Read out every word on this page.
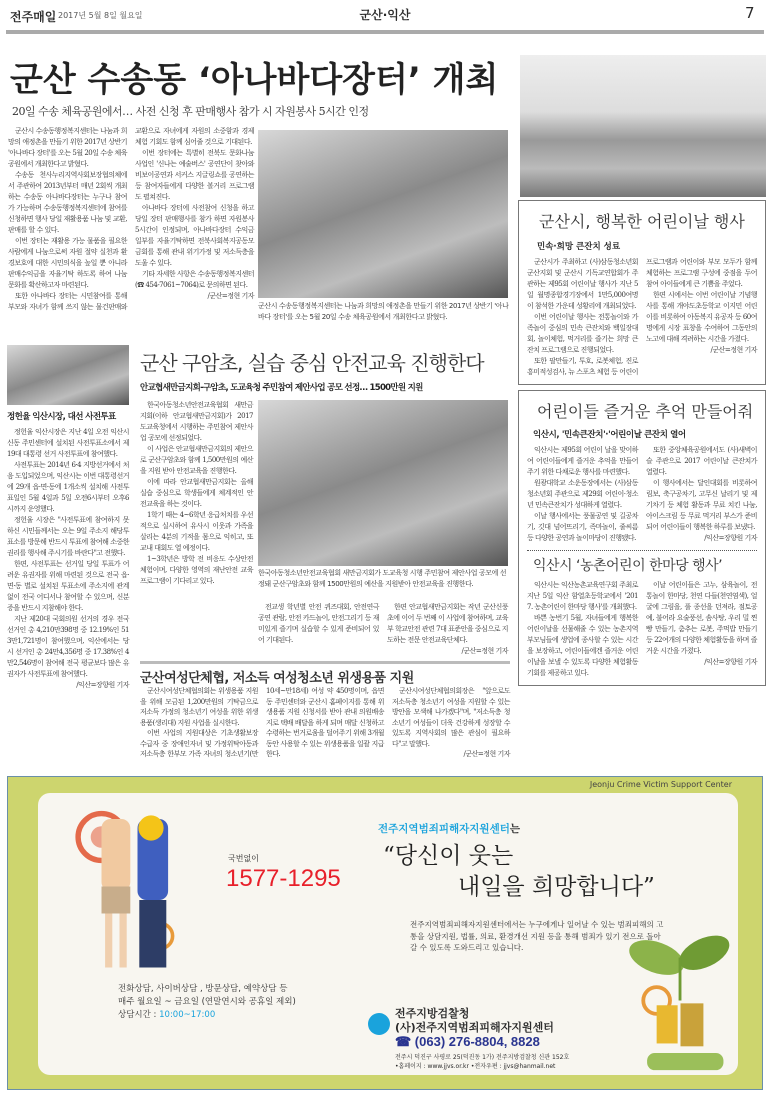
전주매일 2017년 5월 8일 월요일	군산·익산	7
군산 수송동 ‘아나바다장터’ 개최
20일 수송 체육공원에서… 사전 신청 후 판매행사 참가 시 자원봉사 5시간 인정

군산시 수송동행정복지센터는 나눔과 희망의 애정촌을 만들기 위한 2017년 상반기 '아나바다 장터'를 오는 5월 20일 수송 체육공원에서 개최한다고 밝혔다.

수송동 천사누리지역사회보장협의체에서 주관하여 2013년부터 매년 2회씩 개최하는 수송동 아나바다장터는 누구나 참여가 가능하며 수송동행정복지센터에 참여를 신청하면 행사 당일 재활용품 나눔 및 교환, 판매를 할 수 있다.

이번 장터는 재활용 가능 물품을 필요한 사람에게 나눔으로써 자원 절약 실천과 환경보호에 대한 시민의식을 높일 뿐 아니라 판매수익금을 자율기탁 하도록 하여 나눔 문화를 확산하고자 마련된다.

또한 아나바다 장터는 시민참여를 통해 부모와 자녀가 함께 쓰지 않는 물건판매와 교환으로 자녀에게 자원의 소중함과 경제체험 기회도 함께 심어줄 것으로 기대된다.

이번 장터에는 특별히 전북도 문화나눔사업인 '신나는 예술버스' 공연단이 찾아와 비보이공연과 서커스 지글링쇼를 공연하는 등 참여자들에게 다양한 볼거리 프로그램도 펼쳐진다.

아나바다 장터에 사전참여 신청을 하고 당일 장터 판매행사를 참가 하면 자원봉사 5시간이 인정되며, 아나바다장터 수익금 일부를 자율기탁하면 전북사회복지공동모금회를 통해 관내 위기가정 및 저소득층을 도울 수 있다.

기타 자세한 사항은 수송동행정복지센터(☎ 454-7061~7064)로 문의하면 된다.

/군산=정현 기자
군산시 수송동행정복지센터는 나눔과 희망의 애정촌을 만들기 위한 2017년 상반기 '아나바다 장터'를 오는 5월 20일 수송 체육공원에서 개최한다고 밝혔다.
군산시, 행복한 어린이날 행사
민속·희망 큰잔치 성료

군산시가 주최하고 (사)삼동청소년회 군산지회 및 군산시 기독교연합회가 주관하는 제95회 어린이날 행사가 지난 5일 월명종합경기장에서 1만5,000여명이 참석한 가운데 성황리에 개최되었다.

이번 어린이날 행사는 전통놀이와 가족놀이 중심의 민속 큰잔치와 백일장대회, 놀이체험, 먹거리를 즐기는 희망 큰잔치 프로그램으로 진행되었다.

또한 팔만들기, 투호, 로봇체험, 진로 흥미적성검사, 뉴 스포츠 체험 등 어린이 프로그램과 어린이와 부모 모두가 함께 체험하는 프로그램 구성에 중점을 두어 참여 아이들에게 큰 기쁨을 주었다.

한편 시에서는 이번 어린이날 기념행사를 통해 개야도초등학교 이지민 어린이를 비롯하여 아동복지 유공자 등 60여명에게 시장 표창을 수여하여 그동안의 노고에 대해 격려하는 시간을 가졌다.

/군산=정현 기자
어린이들 즐거운 추억 만들어줘
익산시, '민속큰잔치'·'어린이날 큰잔치 열어

익산시는 제95회 어린이 날을 맞이하여 어린이들에게 즐거운 추억을 만들어 주기 위한 다채로운 행사를 마련했다.

원광대학교 소운동장에서는 (사)삼동청소년회 주관으로 제29회 어린이·청소년 민속큰잔치가 성대하게 열렸다.

이날 행사에서는 풍물공연 및 길공차기, 깃대 넘어뜨리기, 족마놀이, 줄씨름 등 다양한 공연과 놀이마당이 진행됐다.

또한 중앙체육공원에서도 (사)새벽이슬 주관으로 2017 어린이날 큰잔치가 열렸다.

이 행사에서는 달인대회를 비롯하여 림보, 축구공차기, 고무신 날리기 및 제기차기 등 체험 활동과 무료 치킨 나눔, 아이스크림 등 무료 먹거리 부스가 준비되어 어린이들이 행복한 하루를 보냈다.

/익산=장향원 기자
익산시 ‘농촌어린이 한마당 행사’

익산시는 익산농촌교육연구회 주최로 지난 5일 익산 함열초등학교에서 '2017. 농촌어린이 한마당 행사'를 개최했다.

바쁜 농번기 5월, 자녀들에게 행복한 어린이날을 선물해줄 수 있는 농촌지역 부모님들에 생업에 종사할 수 있는 시간을 보장하고, 어린이들에겐 즐거운 어린이날을 보낼 수 있도록 다양한 체험활동 기회를 제공하고 있다.

이날 어린이들은 고누, 삼육놀이, 전통놀이 한마당, 천연 다들(천연염색), 얼굴에 그림을, 풀 종선을 던져라, 점토공예, 불어라 요술풍선, 솜사탕, 우리 밀 찐빵 만들기, 춤추는 로봇, 주먹밥 만들기 등 22여개의 다양한 체험활동을 하며 즐거운 시간을 가졌다.

/익산=장향원 기자
정헌율 익산시장, 대선 사전투표

정헌율 익산시장은 지난 4일 오전 익산시 신동 주민센터에 설치된 사전투표소에서 제19대 대통령 선거 사전투표에 참여했다.

사전투표는 2014년 6·4 지방선거에서 처음 도입되었으며, 익산시는 이번 대통령선거에 29개 읍·면·동에 1개소씩 설치해 사전투표일인 5월 4일과 5일 오전6시부터 오후6시까지 운영했다.

정헌율 시장은 "사전투표에 참여하지 못하신 시민들께서는 오는 9일 주소지 해당투표소를 방문해 반드시 투표에 참여해 소중한 권리를 행사해 주시기를 바란다"고 전했다.

한편, 사전투표는 선거일 당일 투표가 어려운 유권자를 위해 마련된 것으로 전국 읍·면·동 별로 설치된 투표소에 주소지에 관계없이 전국 어디서나 참여할 수 있으며, 신분증을 반드시 지참해야 한다.

지난 제20대 국회의원 선거의 경우 전국 선거인 총 4,210만398명 중 12.19%인 513만1,721명이 참여했으며, 익산에서는 당시 선거인 총 24만4,356명 중 17.38%인 4만2,546명이 참여해 전국 평균보다 많은 유권자가 사전투표에 참여했다.

/익산=장향원 기자
군산 구암초, 실습 중심 안전교육 진행한다
안교협새만금지회-구암초, 도교육청 주민참여 제안사업 공모 선정… 1500만원 지원
한국아동청소년안전교육협회 새만금지회가 도교육청 시행 주민참여 제안사업 공모에 선정돼 군산구암초와 함께 1500만원의 예산을 지원받아 안전교육을 진행한다.

한국아동청소년안전교육협회 새만금지회(이하 안교협새만금지회)가 2017 도교육청에서 시행하는 주민참여 제안사업 공모에 선정되었다.

이 사업은 안교협새만금지회의 제안으로 군산구암초와 함께 1,500만원의 예산을 지원 받아 안전교육을 진행한다.

이에 따라 안교협새만금지회는 올해 실습 중심으로 학생들에게 체계적인 안전교육을 하는 것이다.

1학기 때는 4~6학년 응급처치를 우선적으로 실시하여 유사시 이웃과 가족을 살리는 4분의 기적을 몸으로 익히고, 또 교내 대회도 열 예정이다.

1~3학년은 방학 전 비응도 수상안전 체험이며, 다양한 영역의 재난안전 교육 프로그램이 기다리고 있다.

전교생 학년별 안전 퀴즈대회, 안전연극공연 관람, 안전 카드놀이, 안전그리기 등 재미있게 즐기며 실습할 수 있게 준비되어 있어 기대된다.

한편 안교협새만금지회는 작년 군산신풍초에 이어 두 번째 이 사업에 참여하며, 교육부 학교안전 관련 7대 표준안을 중심으로 지도하는 전문 안전교육단체다.

/군산=정현 기자
군산여성단체협, 저소득 여성청소년 위생용품 지원

군산시여성단체협의회는 위생용품 지원을 위해 모금된 1,200만원의 기탁금으로 저소득 가정의 청소년기 여성을 위한 위생용품(생리대) 지원 사업을 실시한다.

이번 사업의 지원대상은 기초생활보장 수급자 중 장애인자녀 및 가정위탁아동과 저소득층 한부모 가족 자녀의 청소년기(만10세~만18세) 여성 약 450명이며, 읍면동 주민센터와 군산시 홈페이지를 통해 위생용품 지원 신청서를 받아 관내 의원배송지로 택배 배달을 하게 되며 매달 신청하고 수령하는 번거로움을 덜어주기 위해 3개월동안 사용할 수 있는 위생용품을 일괄 지급한다.

군산시여성단체협의회장은 "앞으로도 저소득층 청소년기 여성을 지원할 수 있는 방안을 모색해 나가겠다"며, "저소득층 청소년기 여성들이 더욱 건강하게 성장할 수 있도록 지역사회의 많은 관심이 필요하다"고 말했다.

/군산=정현 기자
Jeonju Crime Victim Support Center
국번없이
1577-1295
전화상담, 사이버상담 , 방문상담, 예약상담 등
매주 월요일 ~ 금요일 (연말연시와 공휴일 제외)
상담시간 : 10:00~17:00
전주지역범죄피해자지원센터는
“당신이 웃는
내일을 희망합니다”
전주지역범죄피해자지원센터에서는 누구에게나 일어날 수 있는 범죄피해의 고통을 상담지원, 법률, 의료, 환경개선 지원 등을 통해 범죄가 있기 전으로 돌아갈 수 있도록 도와드리고 있습니다.
전주지방검찰청
(사)전주지역범죄피해자지원센터
☎ (063) 276-8804, 8828
전주시 덕진구 사평로 25(덕진동 1가) 전주지방검찰청 신관 152호
•홈페이지 : www.jjvs.or.kr •전자우편 : jjvs@hanmail.net
